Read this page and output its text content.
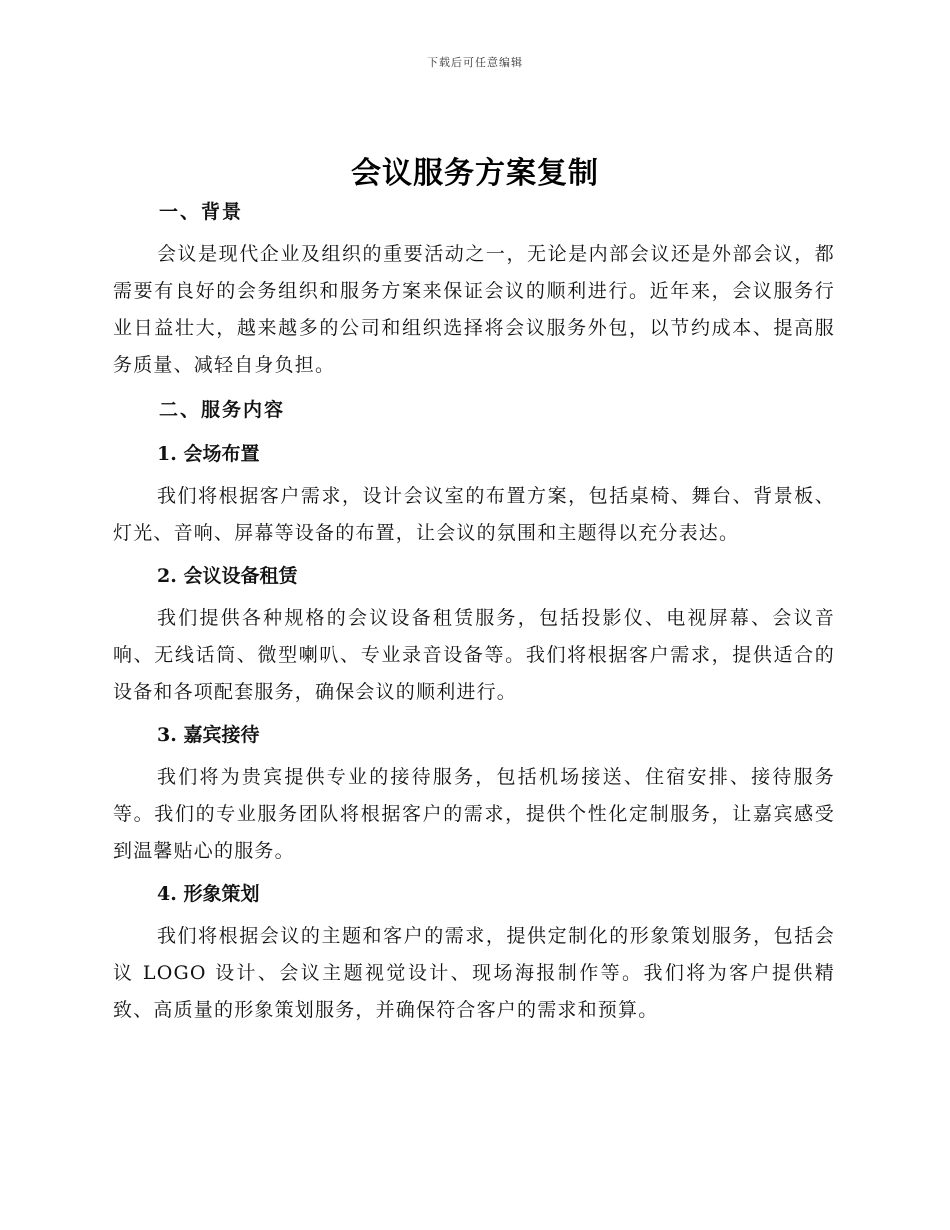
下载后可任意编辑
会议服务方案复制
一、背景

会议是现代企业及组织的重要活动之一，无论是内部会议还是外部会议，都需要有良好的会务组织和服务方案来保证会议的顺利进行。近年来，会议服务行业日益壮大，越来越多的公司和组织选择将会议服务外包，以节约成本、提高服务质量、减轻自身负担。

二、服务内容
1. 会场布置

我们将根据客户需求，设计会议室的布置方案，包括桌椅、舞台、背景板、灯光、音响、屏幕等设备的布置，让会议的氛围和主题得以充分表达。

2. 会议设备租赁

我们提供各种规格的会议设备租赁服务，包括投影仪、电视屏幕、会议音响、无线话筒、微型喇叭、专业录音设备等。我们将根据客户需求，提供适合的设备和各项配套服务，确保会议的顺利进行。

3. 嘉宾接待

我们将为贵宾提供专业的接待服务，包括机场接送、住宿安排、接待服务等。我们的专业服务团队将根据客户的需求，提供个性化定制服务，让嘉宾感受到温馨贴心的服务。

4. 形象策划

我们将根据会议的主题和客户的需求，提供定制化的形象策划服务，包括会议 LOGO 设计、会议主题视觉设计、现场海报制作等。我们将为客户提供精致、高质量的形象策划服务，并确保符合客户的需求和预算。
